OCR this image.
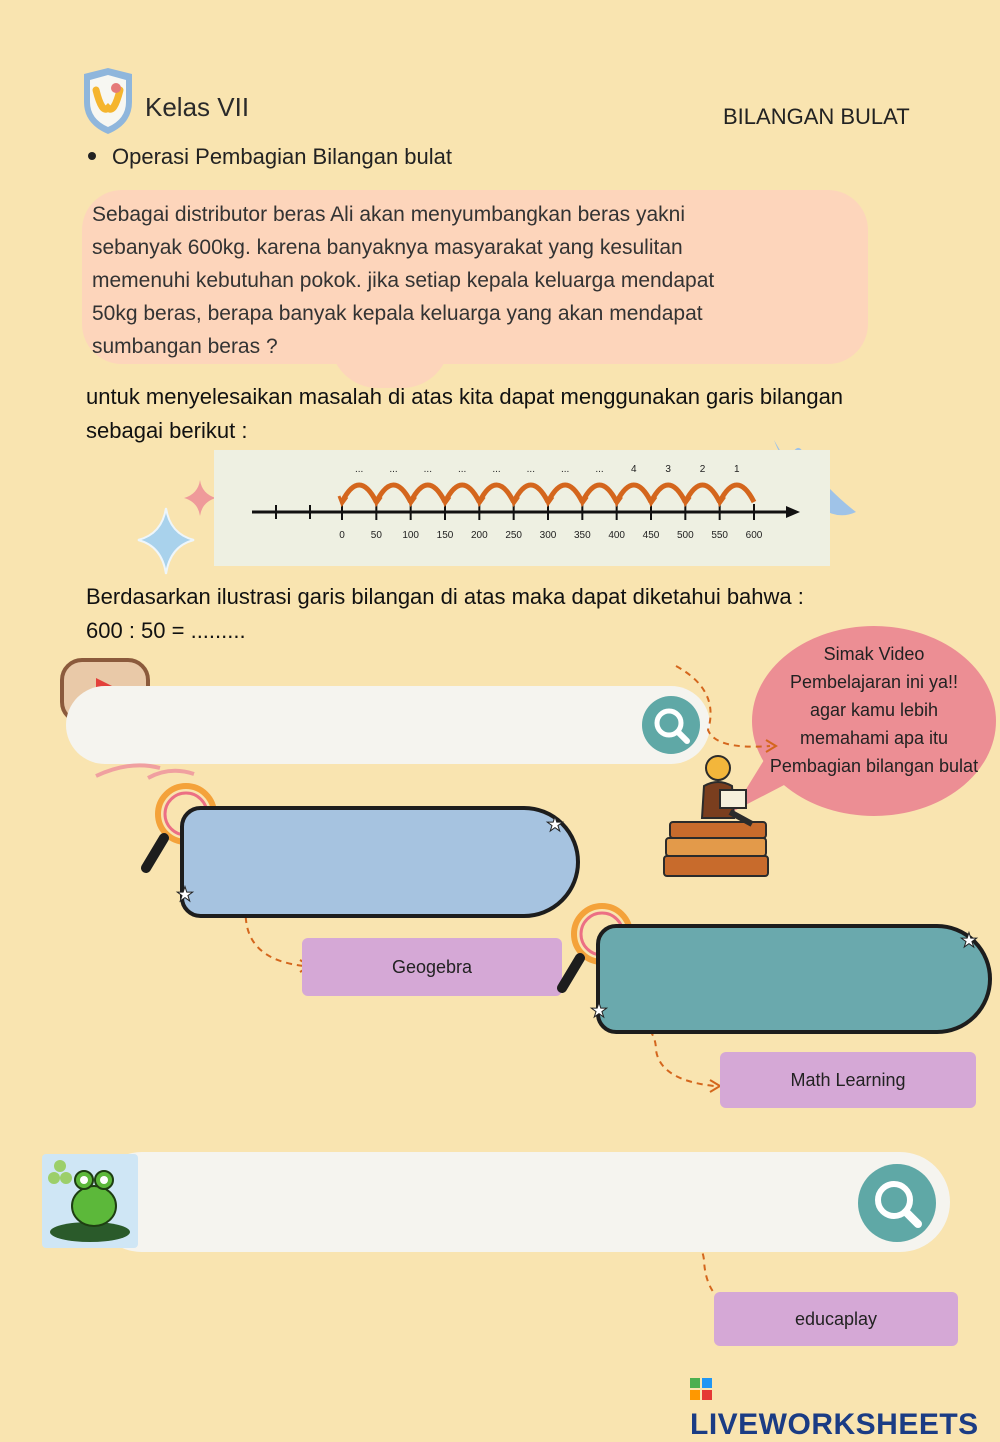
Kelas VII	BILANGAN BULAT
Operasi Pembagian Bilangan bulat
Sebagai distributor beras Ali akan menyumbangkan beras yakni
sebanyak 600kg. karena banyaknya masyarakat yang kesulitan
memenuhi kebutuhan pokok. jika setiap kepala keluarga mendapat
50kg beras, berapa banyak kepala keluarga yang akan mendapat
sumbangan beras ?
untuk menyelesaikan masalah di atas kita dapat menggunakan garis bilangan
sebagai berikut :
0	50 100 150 200 250 300 350 400 450 500 550 600
...	...	...	...	...	...	...	...	4	3	2	1
Berdasarkan ilustrasi garis bilangan di atas maka dapat diketahui bahwa :
600 : 50 = .........
Simak Video
Pembelajaran ini ya!!
agar kamu lebih
memahami apa itu
Pembagian bilangan bulat
★
★
Geogebra
★
★
Math Learning
educaplay
LIVEWORKSHEETS
